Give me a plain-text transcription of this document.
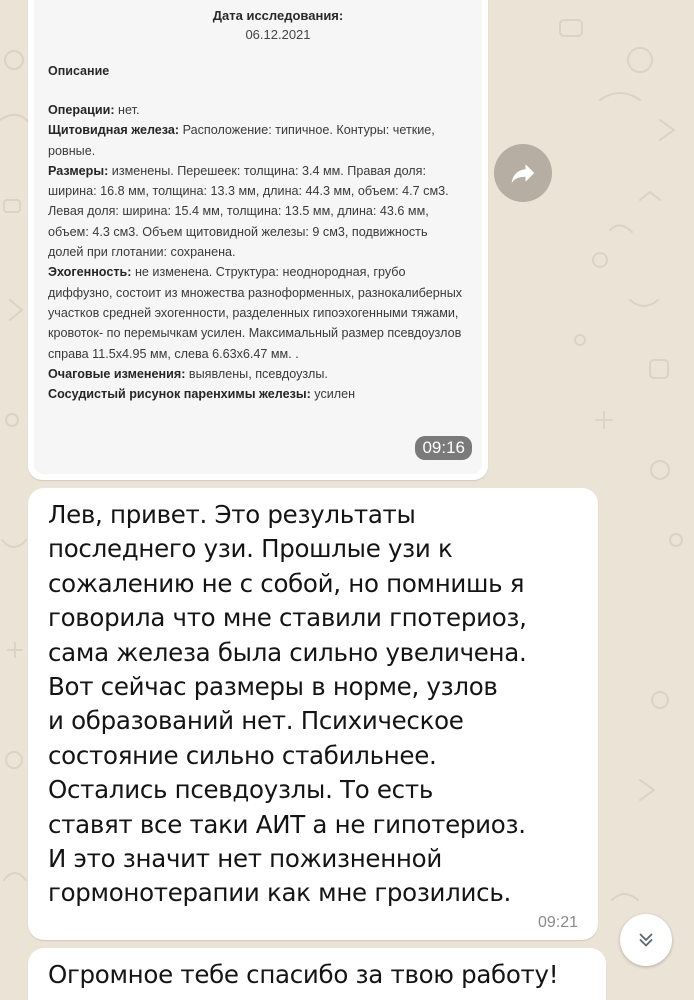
Дата исследования:
06.12.2021
Описание

Операции: нет.

Щитовидная железа: Расположение: типичное. Контуры: четкие, ровные.

Размеры: изменены. Перешеек: толщина: 3.4 мм. Правая доля: ширина: 16.8 мм, толщина: 13.3 мм, длина: 44.3 мм, объем: 4.7 см3. Левая доля: ширина: 15.4 мм, толщина: 13.5 мм, длина: 43.6 мм, объем: 4.3 см3. Объем щитовидной железы: 9 см3, подвижность долей при глотании: сохранена.

Эхогенность: не изменена. Структура: неоднородная, грубо диффузно, состоит из множества разноформенных, разнокалиберных участков средней эхогенности, разделенных гипоэхогенными тяжами, кровоток- по перемычкам усилен. Максимальный размер псевдоузлов справа 11.5х4.95 мм, слева 6.63х6.47 мм. .

Очаговые изменения: выявлены, псевдоузлы.

Сосудистый рисунок паренхимы железы: усилен

09:16
Лев, привет. Это результаты
последнего узи. Прошлые узи к
сожалению не с собой, но помнишь я
говорила что мне ставили гпотериоз,
сама железа была сильно увеличена.
Вот сейчас размеры в норме, узлов
и образований нет. Психическое
состояние сильно стабильнее.
Остались псевдоузлы. То есть
ставят все таки АИТ а не гипотериоз.
И это значит нет пожизненной
гормонотерапии как мне грозились.
09:21
Огромное тебе спасибо за твою работу!
